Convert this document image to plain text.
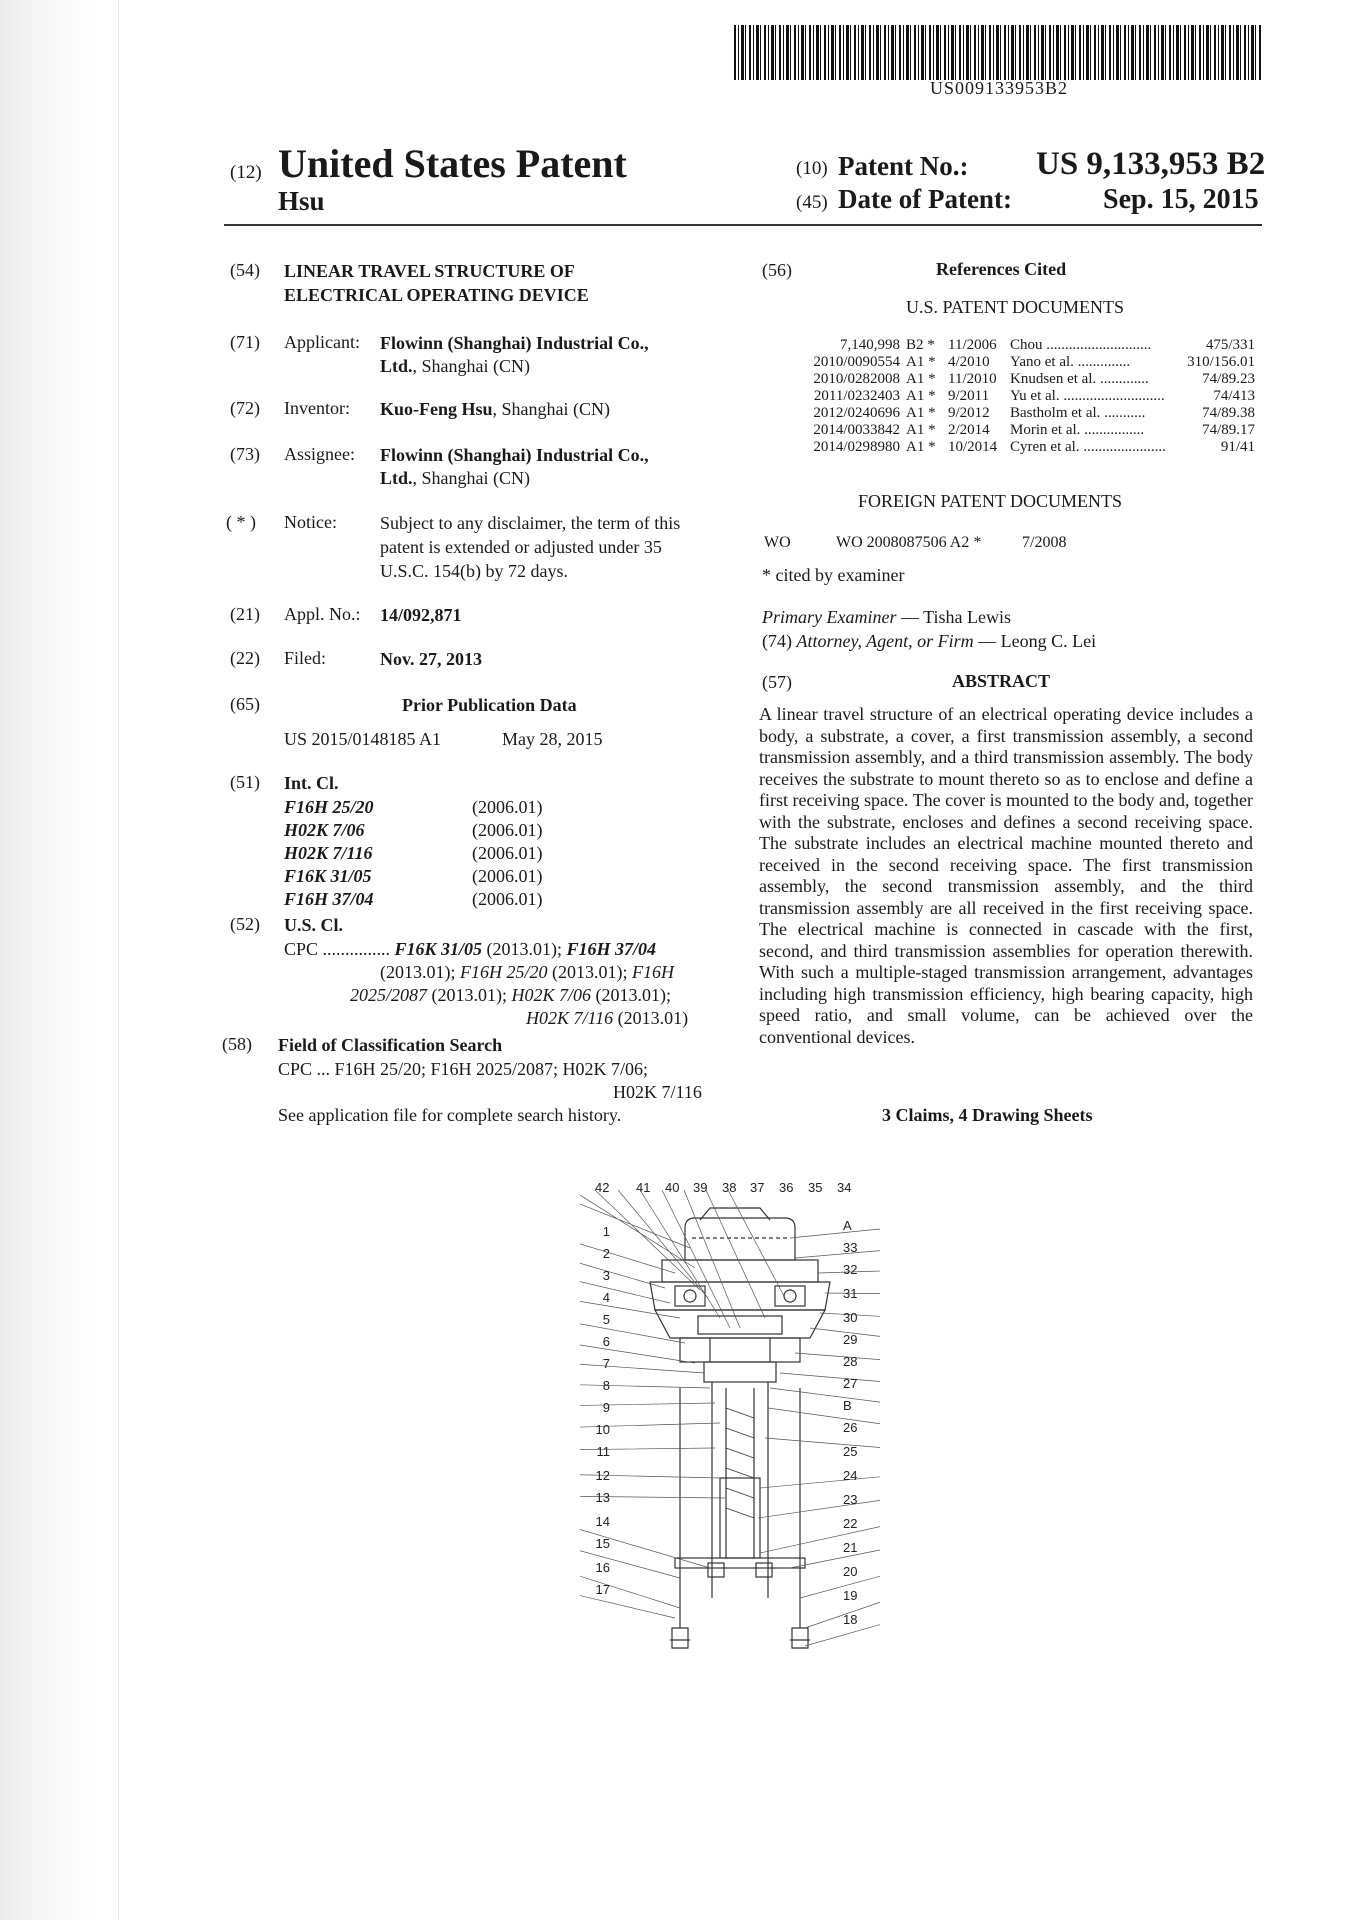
US009133953B2
(12) United States Patent
Hsu
(10) Patent No.: US 9,133,953 B2
(45) Date of Patent:	Sep. 15, 2015
(54) LINEAR TRAVEL STRUCTURE OF
ELECTRICAL OPERATING DEVICE
(71) Applicant: Flowinn (Shanghai) Industrial Co.,
Ltd., Shanghai (CN)
(72) Inventor: Kuo-Feng Hsu, Shanghai (CN)
(73) Assignee: Flowinn (Shanghai) Industrial Co.,
Ltd., Shanghai (CN)
( * ) Notice: Subject to any disclaimer, the term of this
patent is extended or adjusted under 35
U.S.C. 154(b) by 72 days.
(21) Appl. No.: 14/092,871
(22) Filed:	Nov. 27, 2013
(65)	Prior Publication Data
US 2015/0148185 A1	May 28, 2015
(51) Int. Cl.
F16H 25/20	(2006.01)
H02K 7/06	(2006.01)
H02K 7/116	(2006.01)
F16K 31/05	(2006.01)
F16H 37/04	(2006.01)
(52) U.S. Cl.
CPC ............... F16K 31/05 (2013.01); F16H 37/04
(2013.01); F16H 25/20 (2013.01); F16H
2025/2087 (2013.01); H02K 7/06 (2013.01);
H02K 7/116 (2013.01)
(58) Field of Classification Search
CPC ... F16H 25/20; F16H 2025/2087; H02K 7/06;
H02K 7/116
See application file for complete search history.
(56)	References Cited
U.S. PATENT DOCUMENTS
7,140,998 B2 * 11/2006 Chou ............................	475/331
2010/0090554 A1 * 4/2010 Yano et al. ..............	310/156.01
2010/0282008 A1 * 11/2010 Knudsen et al. .............	74/89.23
2011/0232403 A1 * 9/2011 Yu et al. ...........................	74/413
2012/0240696 A1 * 9/2012 Bastholm et al. ...........	74/89.38
2014/0033842 A1 * 2/2014 Morin et al. ................	74/89.17
2014/0298980 A1 * 10/2014 Cyren et al. ......................	91/41
FOREIGN PATENT DOCUMENTS
WO	WO 2008087506 A2 *	7/2008
* cited by examiner
Primary Examiner — Tisha Lewis
(74) Attorney, Agent, or Firm — Leong C. Lei
(57)	ABSTRACT
A linear travel structure of an electrical operating device includes a body, a substrate, a cover, a first transmission assembly, a second transmission assembly, and a third transmission assembly. The body receives the substrate to mount thereto so as to enclose and define a first receiving space. The cover is mounted to the body and, together with the substrate, encloses and defines a second receiving space. The substrate includes an electrical machine mounted thereto and received in the second receiving space. The first transmission assembly, the second transmission assembly, and the third transmission assembly are all received in the first receiving space. The electrical machine is connected in cascade with the first, second, and third transmission assemblies for operation therewith. With such a multiple-staged transmission arrangement, advantages including high transmission efficiency, high bearing capacity, high speed ratio, and small volume, can be achieved over the conventional devices.
3 Claims, 4 Drawing Sheets
42 41 40 39 38 37 36 35 34
1
2
3
4
5
6
7
8
9
10
11
12
13
14
15
16
17
A
33
32
31
30
29
28
27
B
26
25
24
23
22
21
20
19
18
